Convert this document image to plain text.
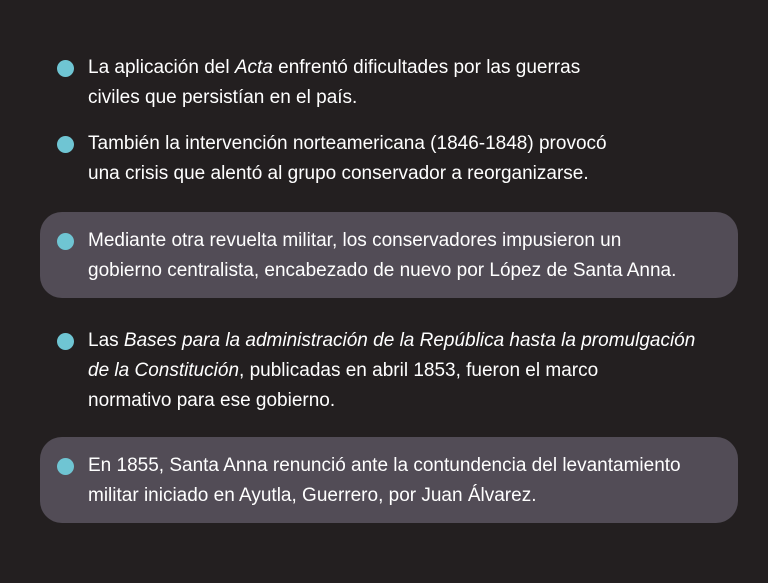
La aplicación del Acta enfrentó dificultades por las guerras
civiles que persistían en el país.
También la intervención norteamericana (1846-1848) provocó
una crisis que alentó al grupo conservador a reorganizarse.
Mediante otra revuelta militar, los conservadores impusieron un
gobierno centralista, encabezado de nuevo por López de Santa Anna.
Las Bases para la administración de la República hasta la promulgación
de la Constitución, publicadas en abril 1853, fueron el marco
normativo para ese gobierno.
En 1855, Santa Anna renunció ante la contundencia del levantamiento
militar iniciado en Ayutla, Guerrero, por Juan Álvarez.
